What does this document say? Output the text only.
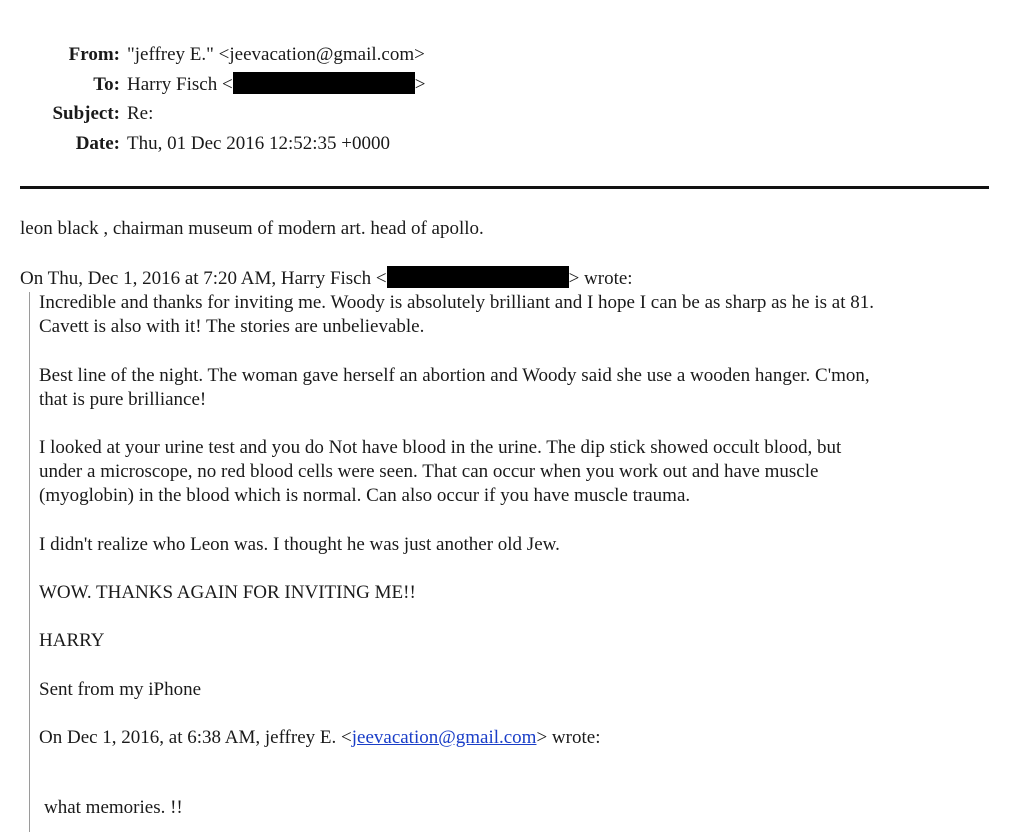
From: "jeffrey E." <jeevacation@gmail.com>
To: Harry Fisch <	>
Subject: Re:
Date: Thu, 01 Dec 2016 12:52:35 +0000
leon black , chairman museum of modern art. head of apollo.
On Thu, Dec 1, 2016 at 7:20 AM, Harry Fisch <	> wrote:
Incredible and thanks for inviting me. Woody is absolutely brilliant and I hope I can be as sharp as he is at 81.
Cavett is also with it! The stories are unbelievable.
Best line of the night. The woman gave herself an abortion and Woody said she use a wooden hanger. C'mon,
that is pure brilliance!
I looked at your urine test and you do Not have blood in the urine. The dip stick showed occult blood, but
under a microscope, no red blood cells were seen. That can occur when you work out and have muscle
(myoglobin) in the blood which is normal. Can also occur if you have muscle trauma.
I didn't realize who Leon was. I thought he was just another old Jew.
WOW. THANKS AGAIN FOR INVITING ME!!
HARRY
Sent from my iPhone
On Dec 1, 2016, at 6:38 AM, jeffrey E. <jeevacation@gmail.com> wrote:
what memories. !!
